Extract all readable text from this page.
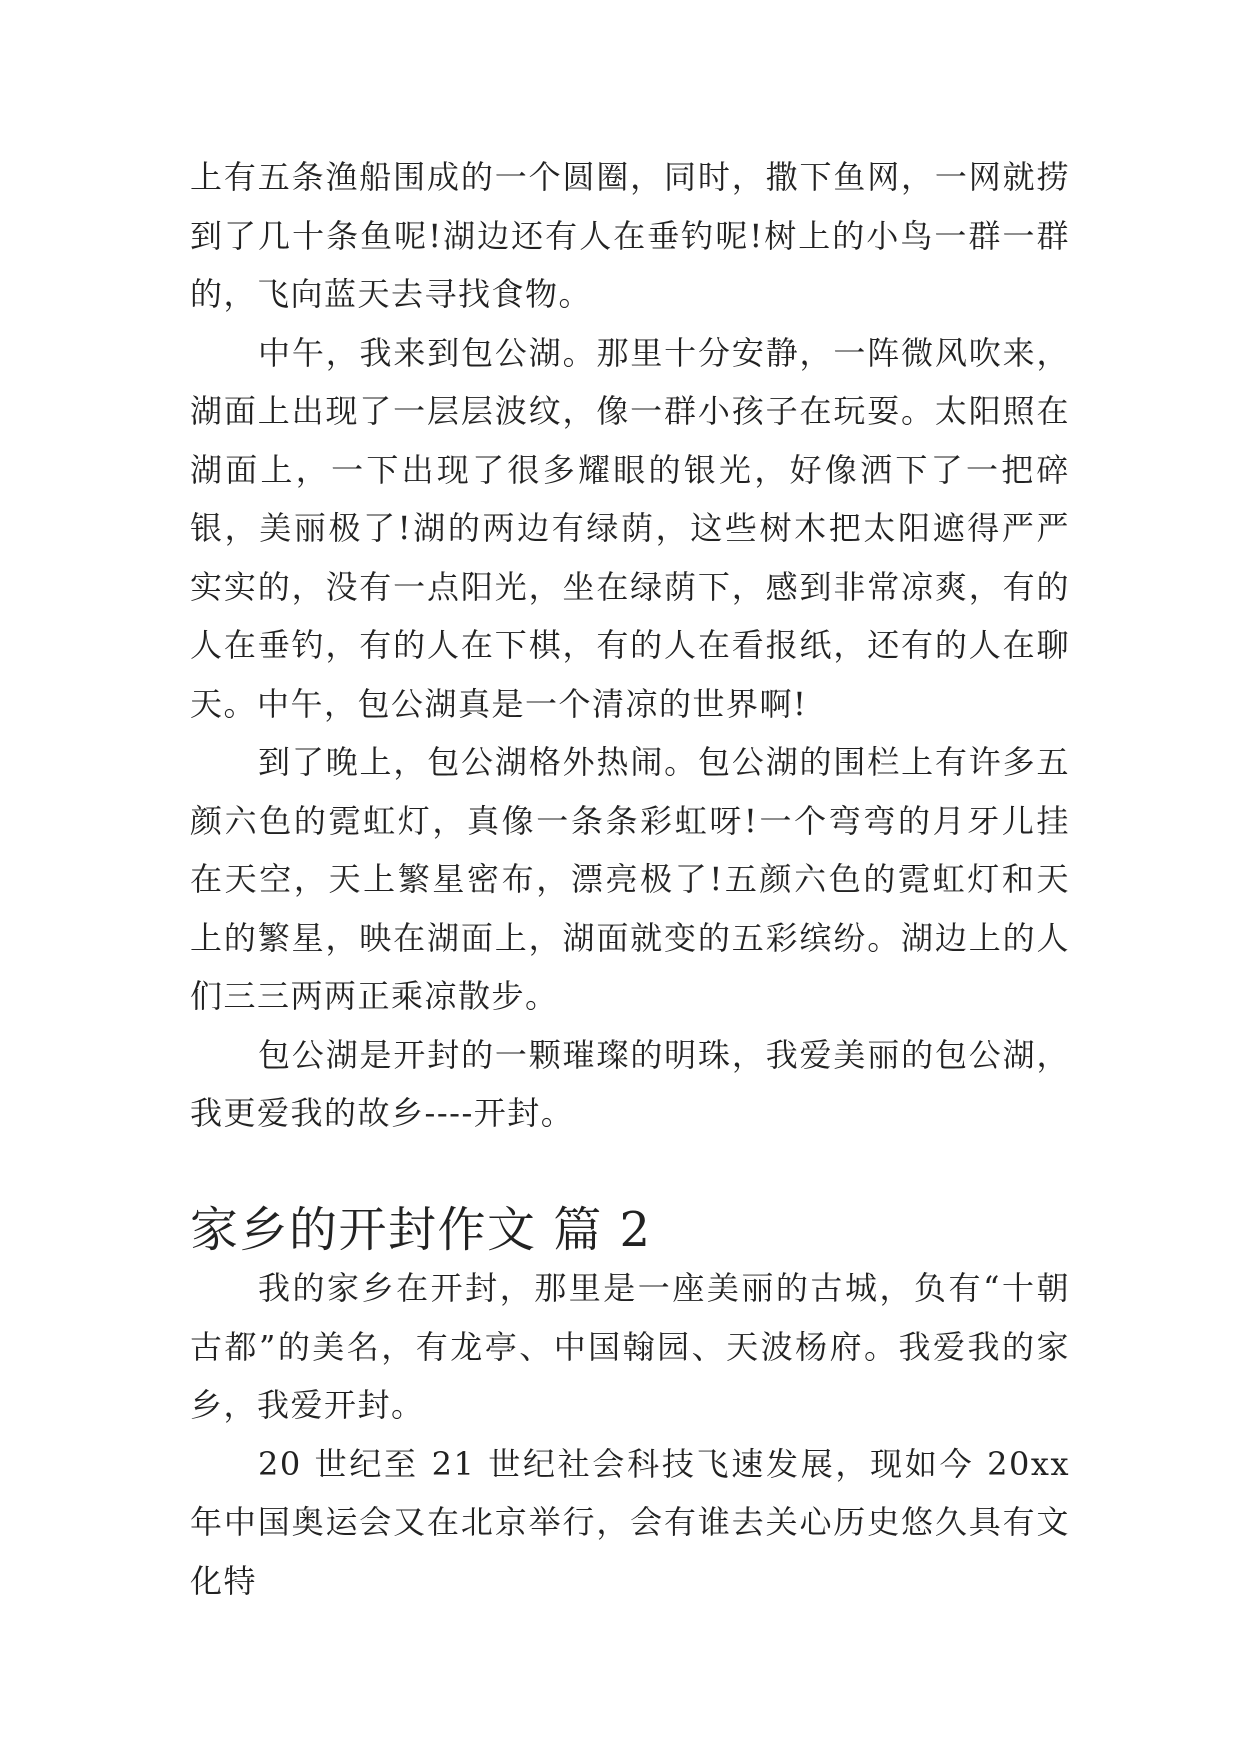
上有五条渔船围成的一个圆圈，同时，撒下鱼网，一网就捞到了几十条鱼呢!湖边还有人在垂钓呢!树上的小鸟一群一群的，飞向蓝天去寻找食物。

中午，我来到包公湖。那里十分安静，一阵微风吹来，湖面上出现了一层层波纹，像一群小孩子在玩耍。太阳照在湖面上，一下出现了很多耀眼的银光，好像洒下了一把碎银，美丽极了!湖的两边有绿荫，这些树木把太阳遮得严严实实的，没有一点阳光，坐在绿荫下，感到非常凉爽，有的人在垂钓，有的人在下棋，有的人在看报纸，还有的人在聊天。中午，包公湖真是一个清凉的世界啊!

到了晚上，包公湖格外热闹。包公湖的围栏上有许多五颜六色的霓虹灯，真像一条条彩虹呀!一个弯弯的月牙儿挂在天空，天上繁星密布，漂亮极了!五颜六色的霓虹灯和天上的繁星，映在湖面上，湖面就变的五彩缤纷。湖边上的人们三三两两正乘凉散步。

包公湖是开封的一颗璀璨的明珠，我爱美丽的包公湖，我更爱我的故乡----开封。

家乡的开封作文 篇 2

我的家乡在开封，那里是一座美丽的古城，负有“十朝古都”的美名，有龙亭、中国翰园、天波杨府。我爱我的家乡，我爱开封。

20 世纪至 21 世纪社会科技飞速发展，现如今 20xx 年中国奥运会又在北京举行，会有谁去关心历史悠久具有文化特
